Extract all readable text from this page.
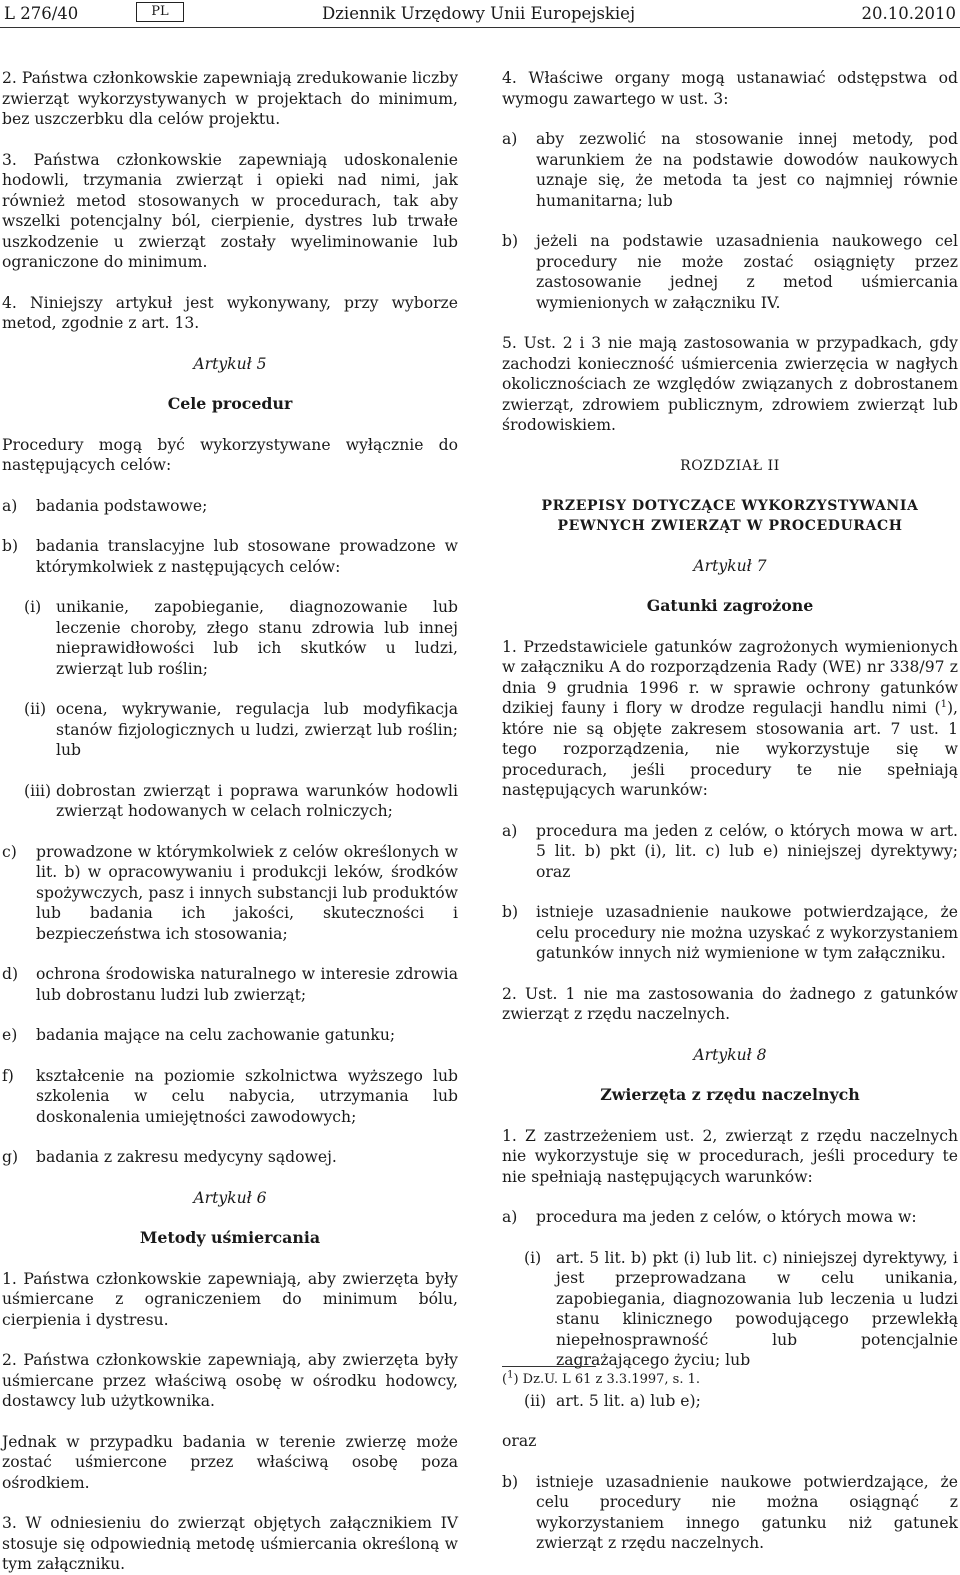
L 276/40	PL	Dziennik Urzędowy Unii Europejskiej	20.10.2010
2. Państwa członkowskie zapewniają zredukowanie liczby zwierząt wykorzystywanych w projektach do minimum, bez uszczerbku dla celów projektu.
3. Państwa członkowskie zapewniają udoskonalenie hodowli, trzymania zwierząt i opieki nad nimi, jak również metod stosowanych w procedurach, tak aby wszelki potencjalny ból, cierpienie, dystres lub trwałe uszkodzenie u zwierząt zostały wyeliminowanie lub ograniczone do minimum.
4. Niniejszy artykuł jest wykonywany, przy wyborze metod, zgodnie z art. 13.
Artykuł 5
Cele procedur
Procedury mogą być wykorzystywane wyłącznie do następujących celów:
a)	badania podstawowe;
b)	badania translacyjne lub stosowane prowadzone w którymkolwiek z następujących celów:
(i) unikanie, zapobieganie, diagnozowanie lub leczenie choroby, złego stanu zdrowia lub innej nieprawidłowości lub ich skutków u ludzi, zwierząt lub roślin;
(ii) ocena, wykrywanie, regulacja lub modyfikacja stanów fizjologicznych u ludzi, zwierząt lub roślin; lub
(iii) dobrostan zwierząt i poprawa warunków hodowli zwierząt hodowanych w celach rolniczych;
c)	prowadzone w którymkolwiek z celów określonych w lit. b) w opracowywaniu i produkcji leków, środków spożywczych, pasz i innych substancji lub produktów lub badania ich jakości, skuteczności i bezpieczeństwa ich stosowania;
d)	ochrona środowiska naturalnego w interesie zdrowia lub dobrostanu ludzi lub zwierząt;
e)	badania mające na celu zachowanie gatunku;
f)	kształcenie na poziomie szkolnictwa wyższego lub szkolenia w celu nabycia, utrzymania lub doskonalenia umiejętności zawodowych;
g)	badania z zakresu medycyny sądowej.
Artykuł 6
Metody uśmiercania
1. Państwa członkowskie zapewniają, aby zwierzęta były uśmiercane z ograniczeniem do minimum bólu, cierpienia i dystresu.
2. Państwa członkowskie zapewniają, aby zwierzęta były uśmiercane przez właściwą osobę w ośrodku hodowcy, dostawcy lub użytkownika.
Jednak w przypadku badania w terenie zwierzę może zostać uśmiercone przez właściwą osobę poza ośrodkiem.
3. W odniesieniu do zwierząt objętych załącznikiem IV stosuje się odpowiednią metodę uśmiercania określoną w tym załączniku.
4. Właściwe organy mogą ustanawiać odstępstwa od wymogu zawartego w ust. 3:
a)	aby zezwolić na stosowanie innej metody, pod warunkiem że na podstawie dowodów naukowych uznaje się, że metoda ta jest co najmniej równie humanitarna; lub
b)	jeżeli na podstawie uzasadnienia naukowego cel procedury nie może zostać osiągnięty przez zastosowanie jednej z metod uśmiercania wymienionych w załączniku IV.
5. Ust. 2 i 3 nie mają zastosowania w przypadkach, gdy zachodzi konieczność uśmiercenia zwierzęcia w nagłych okolicznościach ze względów związanych z dobrostanem zwierząt, zdrowiem publicznym, zdrowiem zwierząt lub środowiskiem.
ROZDZIAŁ II
PRZEPISY DOTYCZĄCE WYKORZYSTYWANIA PEWNYCH ZWIERZĄT W PROCEDURACH
Artykuł 7
Gatunki zagrożone
1. Przedstawiciele gatunków zagrożonych wymienionych w załączniku A do rozporządzenia Rady (WE) nr 338/97 z dnia 9 grudnia 1996 r. w sprawie ochrony gatunków dzikiej fauny i flory w drodze regulacji handlu nimi ($^1$), które nie są objęte zakresem stosowania art. 7 ust. 1 tego rozporządzenia, nie wykorzystuje się w procedurach, jeśli procedury te nie spełniają następujących warunków:
a)	procedura ma jeden z celów, o których mowa w art. 5 lit. b) pkt (i), lit. c) lub e) niniejszej dyrektywy; oraz
b)	istnieje uzasadnienie naukowe potwierdzające, że celu procedury nie można uzyskać z wykorzystaniem gatunków innych niż wymienione w tym załączniku.
2. Ust. 1 nie ma zastosowania do żadnego z gatunków zwierząt z rzędu naczelnych.
Artykuł 8
Zwierzęta z rzędu naczelnych
1. Z zastrzeżeniem ust. 2, zwierząt z rzędu naczelnych nie wykorzystuje się w procedurach, jeśli procedury te nie spełniają następujących warunków:
a)	procedura ma jeden z celów, o których mowa w:
(i) art. 5 lit. b) pkt (i) lub lit. c) niniejszej dyrektywy, i jest przeprowadzana w celu unikania, zapobiegania, diagnozowania lub leczenia u ludzi stanu klinicznego powodującego przewlekłą niepełnosprawność lub potencjalnie zagrażającego życiu; lub
(ii) art. 5 lit. a) lub e);
oraz
b)	istnieje uzasadnienie naukowe potwierdzające, że celu procedury nie można osiągnąć z wykorzystaniem innego gatunku niż gatunek zwierząt z rzędu naczelnych.
($^1$) Dz.U. L 61 z 3.3.1997, s. 1.
